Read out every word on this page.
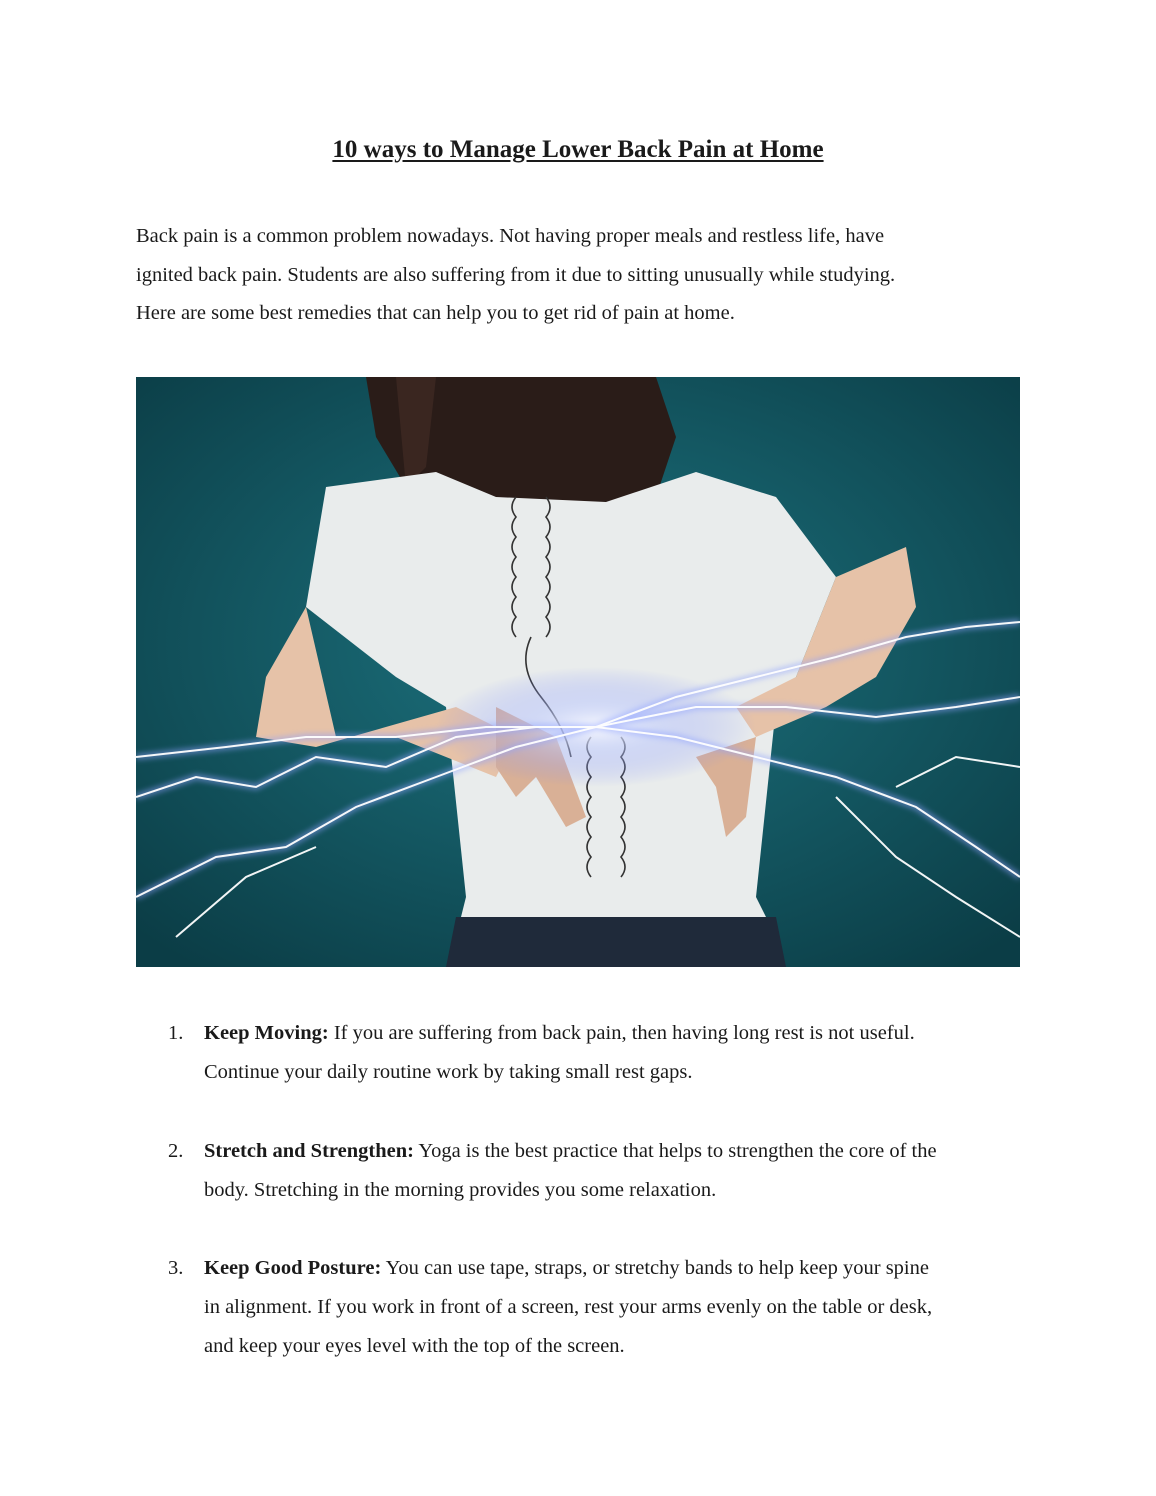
10 ways to Manage Lower Back Pain at Home

Back pain is a common problem nowadays. Not having proper meals and restless life, have
ignited back pain. Students are also suffering from it due to sitting unusually while studying.
Here are some best remedies that can help you to get rid of pain at home.

1. Keep Moving: If you are suffering from back pain, then having long rest is not useful.
Continue your daily routine work by taking small rest gaps.
2. Stretch and Strengthen: Yoga is the best practice that helps to strengthen the core of the
body. Stretching in the morning provides you some relaxation.
3. Keep Good Posture: You can use tape, straps, or stretchy bands to help keep your spine
in alignment. If you work in front of a screen, rest your arms evenly on the table or desk,
and keep your eyes level with the top of the screen.
